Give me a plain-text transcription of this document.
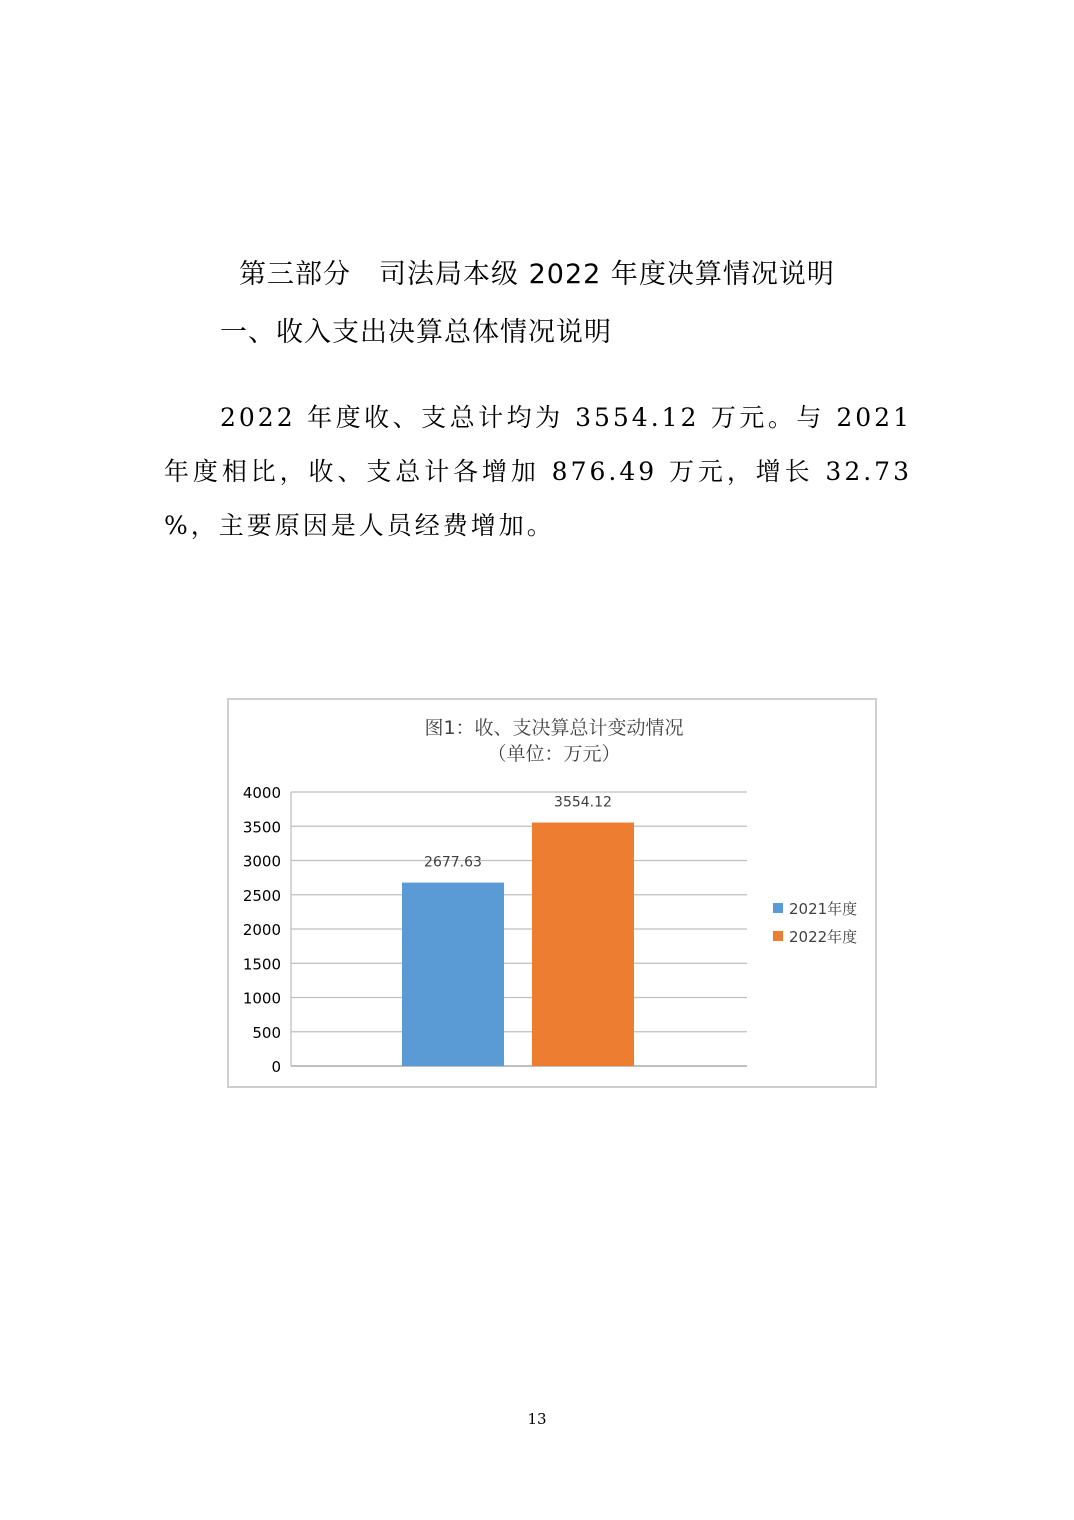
第三部分　司法局本级 2022 年度决算情况说明
一、收入支出决算总体情况说明

2022 年度收、支总计均为 3554.12 万元。与 2021 年度相比，收、支总计各增加 876.49 万元，增长 32.73 %，主要原因是人员经费增加。

图1：收、支决算总计变动情况
（单位：万元）
0
500
1000
1500
2000
2500
3000
3500
4000
2677.63
3554.12
2021年度
2022年度
13
